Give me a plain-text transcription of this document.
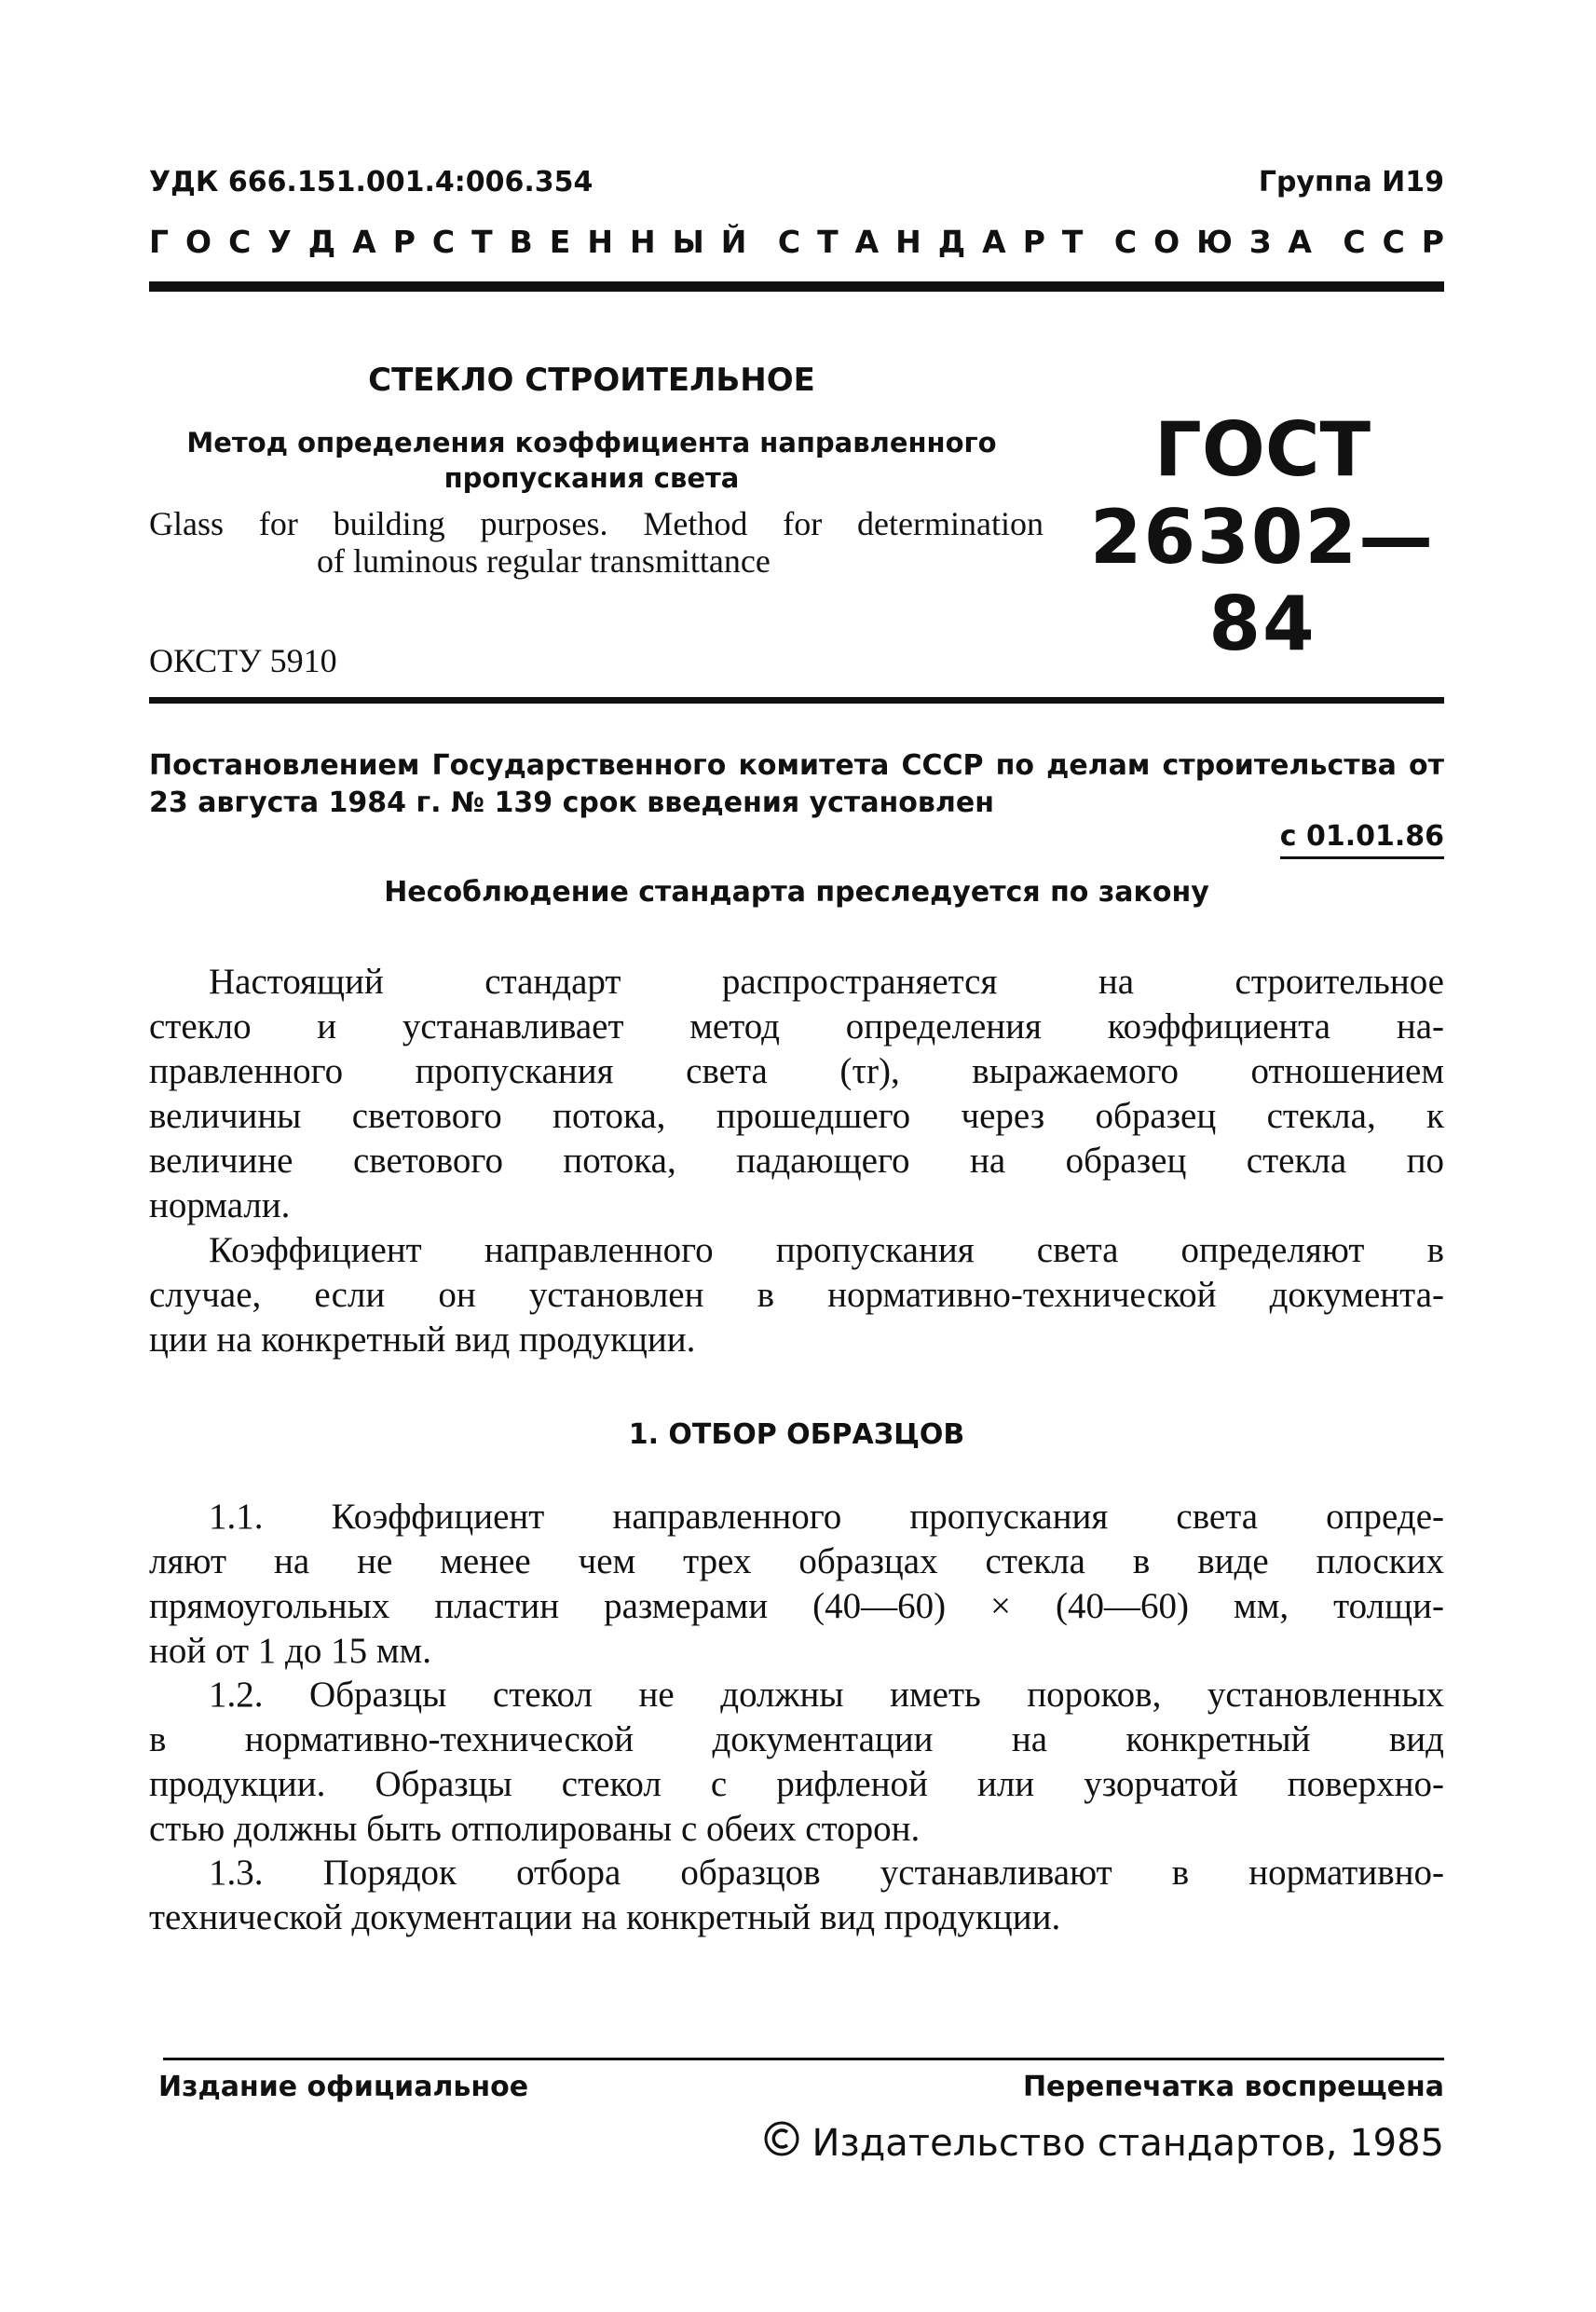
УДК 666.151.001.4:006.354	Группа И19
Г О С У Д А Р С Т В Е Н Н Ы Й С Т А Н Д А Р Т С О Ю З А С С Р
СТЕКЛО СТРОИТЕЛЬНОЕ
Метод определения коэффициента направленного
пропускания света
Glass for building purposes. Method for determination
of luminous regular transmittance
ГОСТ
26302—84
ОКСТУ 5910
Постановлением Государственного комитета СССР по делам строительства от
23 августа 1984 г. № 139 срок введения установлен
с 01.01.86
Несоблюдение стандарта преследуется по закону
Настоящий стандарт распространяется на строительное
стекло и устанавливает метод определения коэффициента на-
правленного пропускания света (τr), выражаемого отношением
величины светового потока, прошедшего через образец стекла, к
величине светового потока, падающего на образец стекла по
нормали.
Коэффициент направленного пропускания света определяют в
случае, если он установлен в нормативно-технической документа-
ции на конкретный вид продукции.
1. ОТБОР ОБРАЗЦОВ
1.1. Коэффициент направленного пропускания света опреде-
ляют на не менее чем трех образцах стекла в виде плоских
прямоугольных пластин размерами (40—60) × (40—60) мм, толщи-
ной от 1 до 15 мм.
1.2. Образцы стекол не должны иметь пороков, установленных
в нормативно-технической документации на конкретный вид
продукции. Образцы стекол с рифленой или узорчатой поверхно-
стью должны быть отполированы с обеих сторон.
1.3. Порядок отбора образцов устанавливают в нормативно-
технической документации на конкретный вид продукции.
Издание официальное	Перепечатка воспрещена
Издательство стандартов, 1985
